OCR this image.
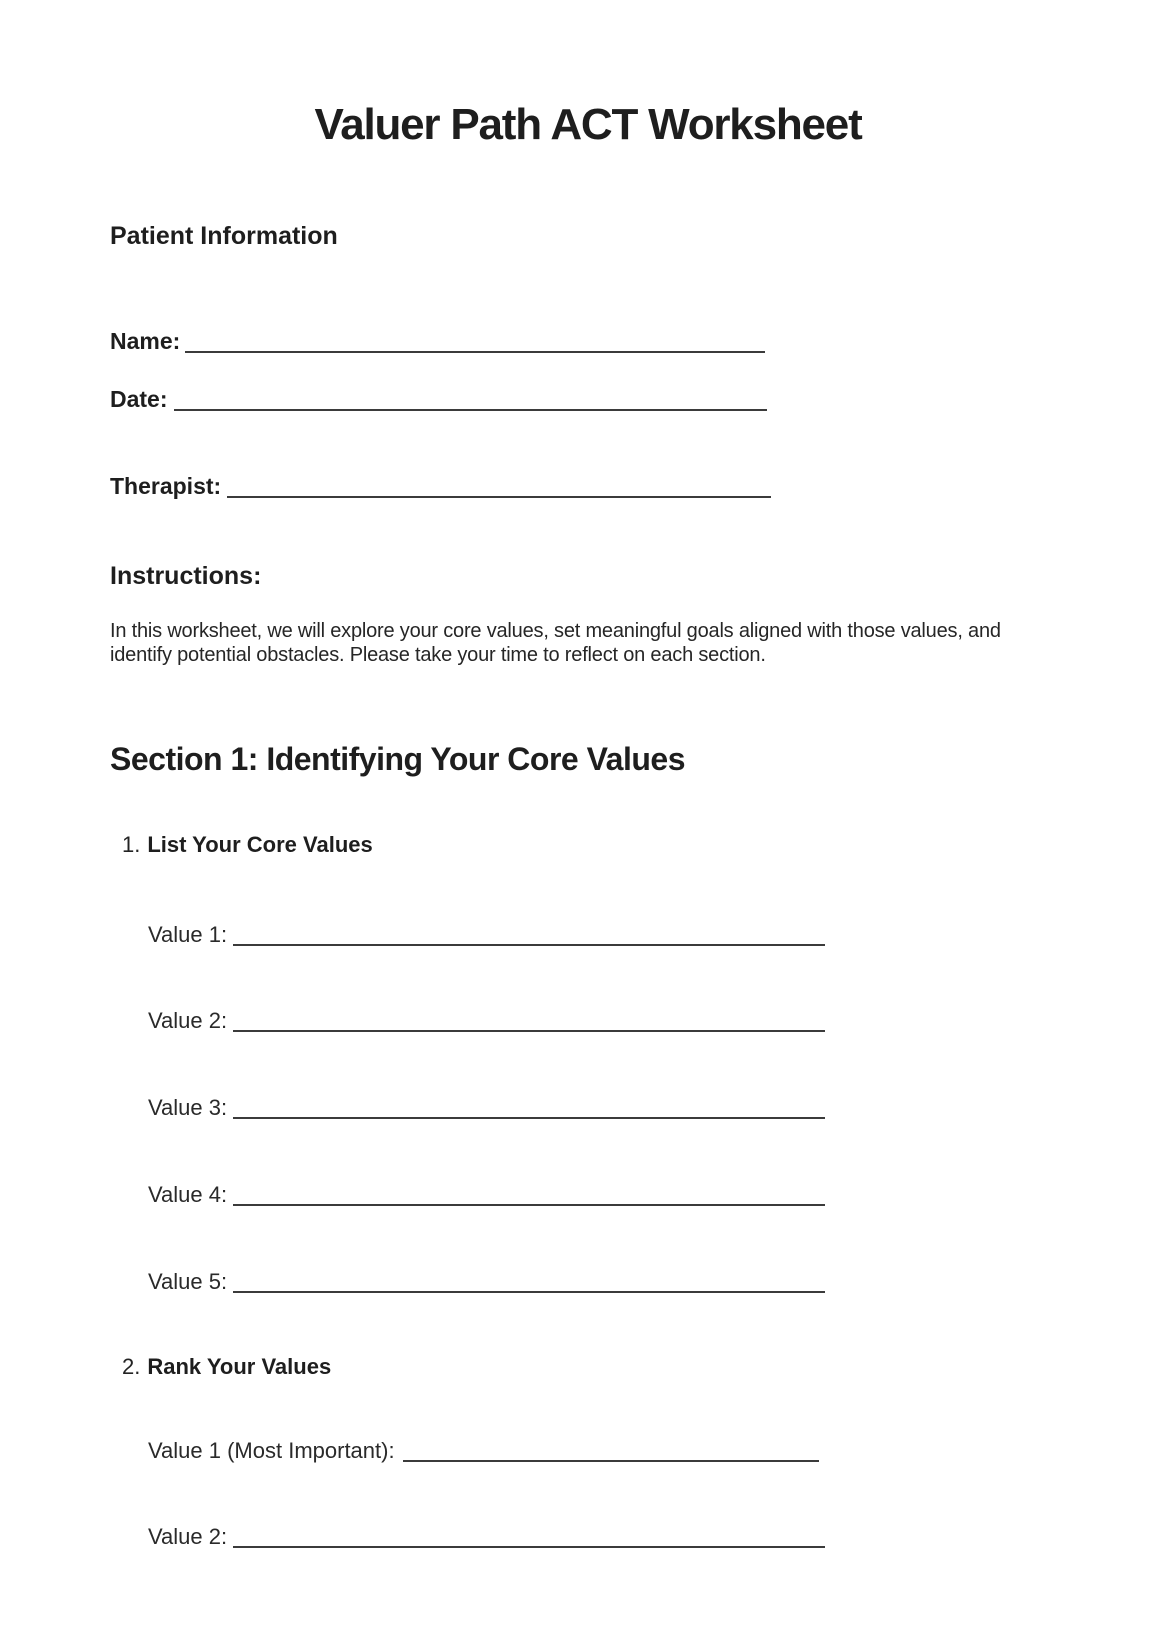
Valuer Path ACT Worksheet
Patient Information
Name:
Date:
Therapist:
Instructions:
In this worksheet, we will explore your core values, set meaningful goals aligned with those values, and identify potential obstacles. Please take your time to reflect on each section.
Section 1: Identifying Your Core Values
1. List Your Core Values
Value 1:
Value 2:
Value 3:
Value 4:
Value 5:
2. Rank Your Values
Value 1 (Most Important):
Value 2:
